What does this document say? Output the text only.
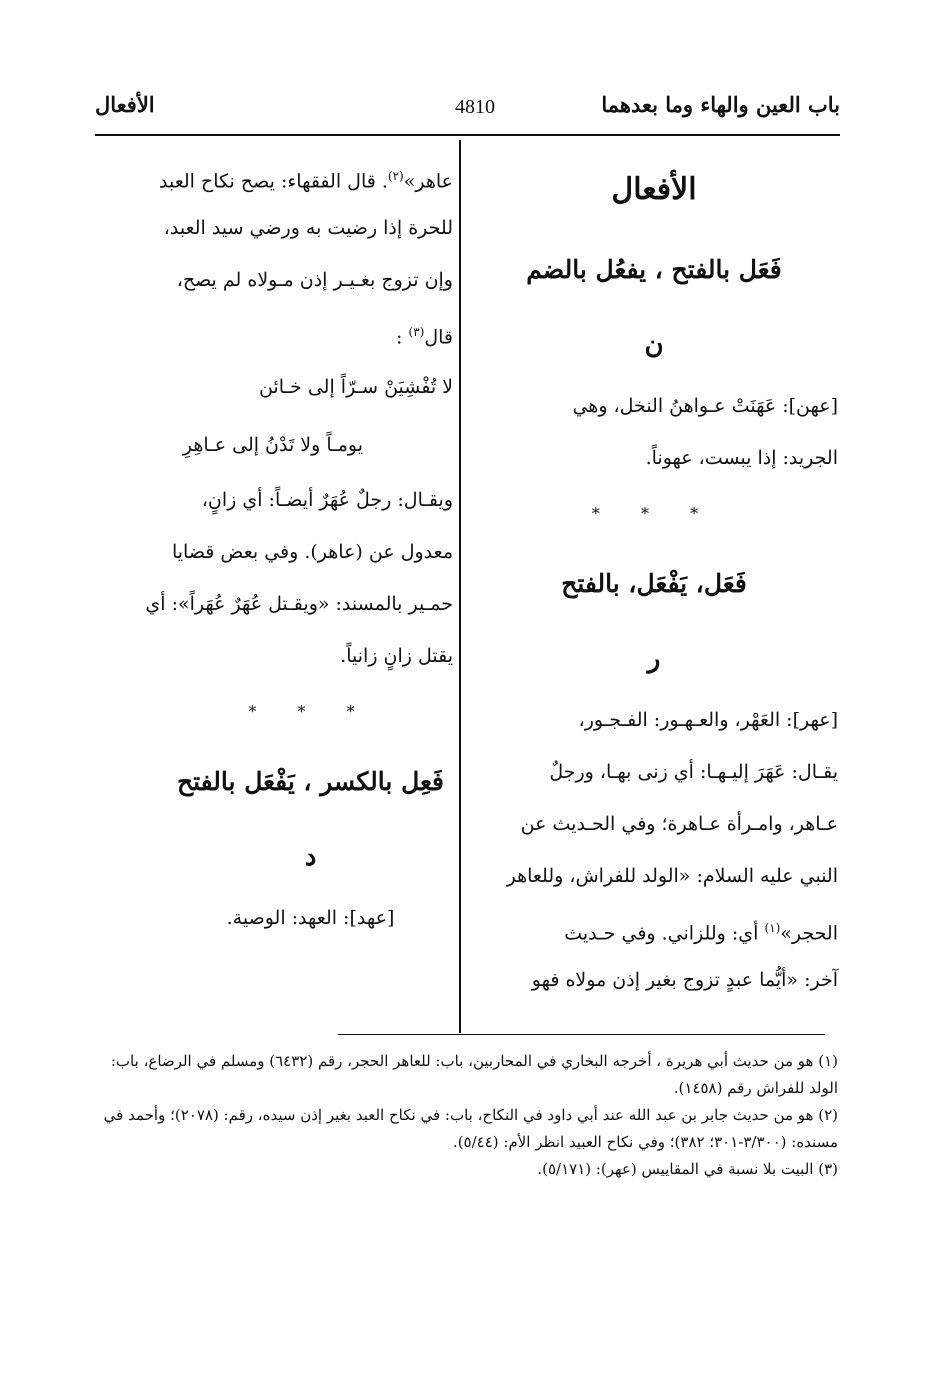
باب العين والهاء وما بعدهما
4810
الأفعال
الأفعال
فَعَل بالفتح ، يفعُل بالضم
ن
[عهن]: عَهَنَتْ عـواهنُ النخل، وهي
الجريد: إذا يبست، عهوناً.
* * *
فَعَل، يَفْعَل، بالفتح
ر
[عهر]: العَهْر، والعـهـور: الفـجـور،
يقـال: عَهَرَ إليـهـا: أي زنى بهـا، ورجلٌ
عـاهر، وامـرأة عـاهرة؛ وفي الحـديث عن
النبي عليه السلام: «الولد للفراش، وللعاهر
الحجر»$^{(١)}$ أي: وللزاني. وفي حـديث
آخر: «أيُّما عبدٍ تزوج بغير إذن مولاه فهو
عاهر»$^{(٢)}$. قال الفقهاء: يصح نكاح العبد
للحرة إذا رضيت به ورضي سيد العبد،
وإن تزوج بغـيـر إذن مـولاه لم يصح،
قال$^{(٣)}$ :
لا تُفْشِيَنْ سـرّاً إلى خـائن
يومـاً ولا تَدْنُ إلى عـاهِرِ
ويقـال: رجلٌ عُهَرٌ أيضـاً: أي زانٍ،
معدول عن (عاهر). وفي بعض قضايا
حمـير بالمسند: «ويقـتل عُهَرٌ عُهَراً»: أي
يقتل زانٍ زانياً.
* * *
فَعِل بالكسر ، يَفْعَل بالفتح
د
[عهد]: العهد: الوصية.
(١) هو من حديث أبي هريرة ، أخرجه البخاري في المحاربين، باب: للعاهر الحجر، رقم (٦٤٣٢) ومسلم في الرضاع، باب: الولد للفراش رقم (١٤٥٨).
(٢) هو من حديث جابر بن عبد الله عند أبي داود في النكاح، باب: في نكاح العبد بغير إذن سيده، رقم: (٢٠٧٨)؛ وأحمد في مسنده: (٣/٣٠٠-٣٠١؛ ٣٨٢)؛ وفي نكاح العبيد انظر الأم: (٥/٤٤).
(٣) البيت بلا نسبة في المقاييس (عهر): (٥/١٧١).
